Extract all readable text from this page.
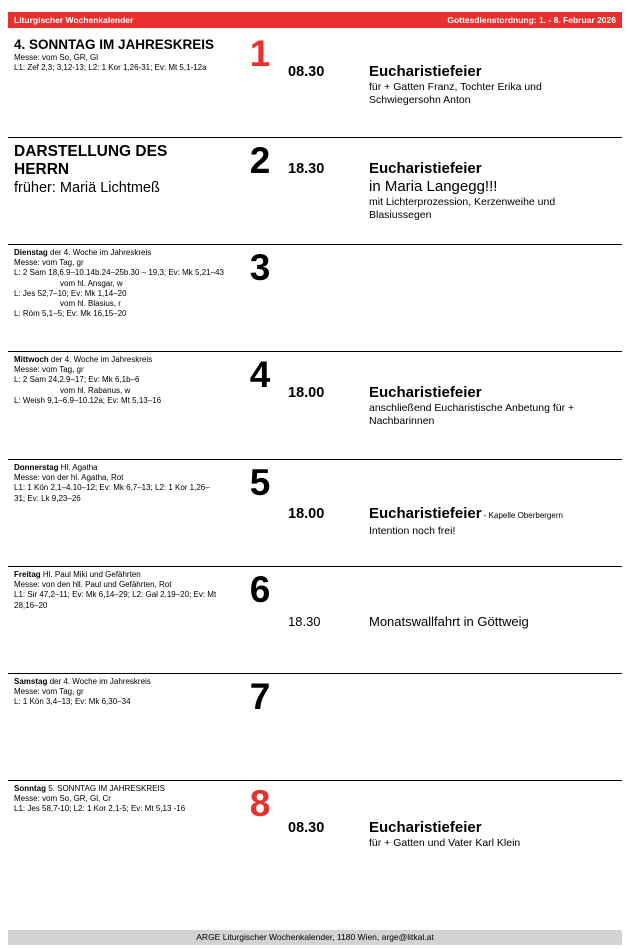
Liturgischer Wochenkalender	Gottesdienstordnung: 1. - 8. Februar 2026
4. SONNTAG IM JAHRESKREIS
Messe: vom So, GR, Gl
L1: Zef 2,3; 3,12-13; L2: 1 Kor 1,26-31; Ev: Mt 5,1-12a	1	08.30	Eucharistiefeier
für + Gatten Franz, Tochter Erika und Schwiegersohn Anton
DARSTELLUNG DES HERRN
früher: Mariä Lichtmeß
2	18.30	Eucharistiefeier
in Maria Langegg!!!
mit Lichterprozession, Kerzenweihe und Blasiussegen
Dienstag der 4. Woche im Jahreskreis
Messe: vom Tag, gr
L: 2 Sam 18,6.9–10.14b.24–25b.30 – 19,3; Ev: Mk 5,21–43
vom hl. Ansgar, w
L: Jes 52,7–10; Ev: Mk 1,14–20
vom hl. Blasius, r
L: Röm 5,1–5; Ev: Mk 16,15–20
3
Mittwoch der 4. Woche im Jahreskreis
Messe: vom Tag, gr
L: 2 Sam 24,2.9–17; Ev: Mk 6,1b–6
vom hl. Rabanus, w
L: Weish 9,1–6.9–10.12a; Ev: Mt 5,13–16
4	18.00	Eucharistiefeier
anschließend Eucharistische Anbetung für + Nachbarinnen
Donnerstag Hl. Agatha
Messe: von der hl. Agatha, Rot
L1: 1 Kön 2,1–4.10–12; Ev: Mk 6,7–13; L2: 1 Kor 1,26–31; Ev: Lk 9,23–26	5
18.00	Eucharistiefeier - Kapelle Oberbergern
Intention noch frei!
Freitag Hl. Paul Miki und Gefährten
Messe: von den hll. Paul und Gefährten, Rot
L1: Sir 47,2–11; Ev: Mk 6,14–29; L2: Gal 2,19–20; Ev: Mt 28,16–20	6
18.30	Monatswallfahrt in Göttweig
Samstag der 4. Woche im Jahreskreis
Messe: vom Tag, gr
L: 1 Kön 3,4–13; Ev: Mk 6,30–34	7
Sonntag 5. SONNTAG IM JAHRESKREIS
Messe: vom So, GR, Gl, Cr
L1: Jes 58,7-10; L2: 1 Kor 2,1-5; Ev: Mt 5,13 -16	8
08.30	Eucharistiefeier
für + Gatten und Vater Karl Klein
ARGE Liturgischer Wochenkalender, 1180 Wien, arge@litkal.at
